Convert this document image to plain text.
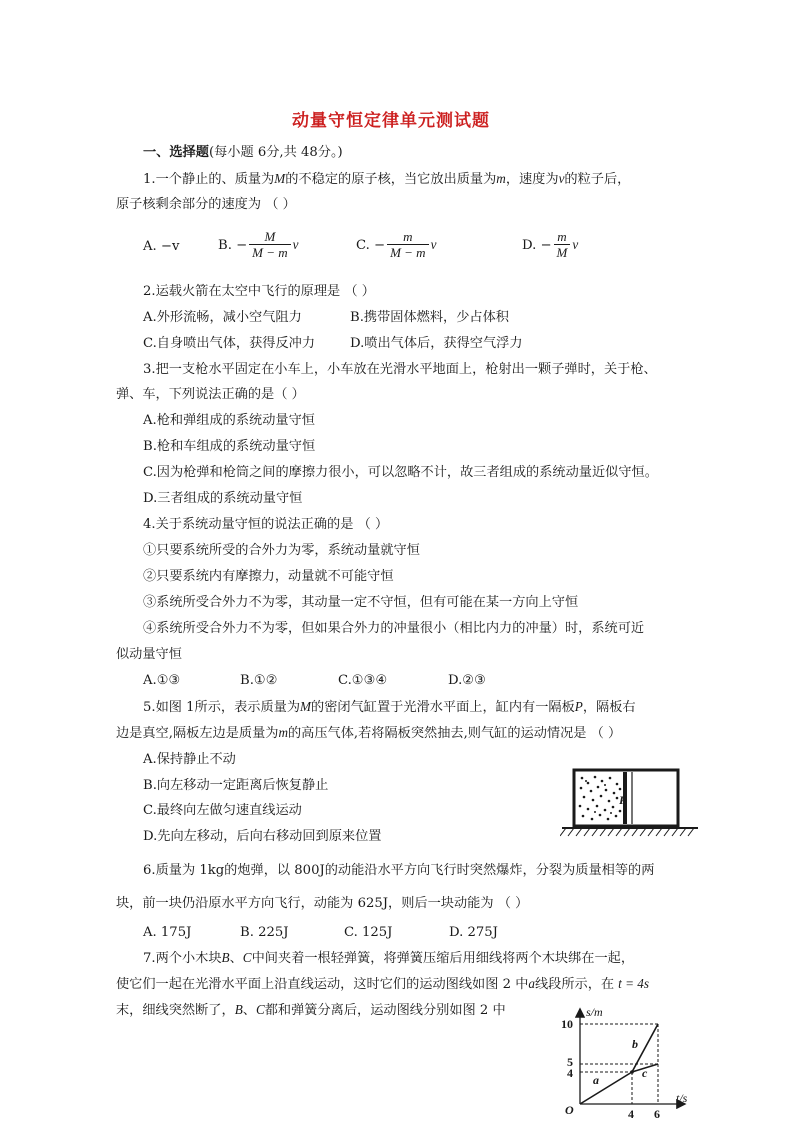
动量守恒定律单元测试题
一、选择题(每小题 6分,共 48分。)
1.一个静止的、质量为M的不稳定的原子核，当它放出质量为m，速度为v的粒子后，
原子核剩余部分的速度为 （ ）
A. −v	B. − $\frac{M}{M - m}$ v	C. − $\frac{m}{M - m}$ v	D. − $\frac{m}{M}$ v
2.运载火箭在太空中飞行的原理是 （ ）
A.外形流畅，减小空气阻力	B.携带固体燃料，少占体积
C.自身喷出气体，获得反冲力	D.喷出气体后，获得空气浮力
3.把一支枪水平固定在小车上，小车放在光滑水平地面上，枪射出一颗子弹时，关于枪、
弹、车，下列说法正确的是（ ）
A.枪和弹组成的系统动量守恒
B.枪和车组成的系统动量守恒
C.因为枪弹和枪筒之间的摩擦力很小，可以忽略不计，故三者组成的系统动量近似守恒。
D.三者组成的系统动量守恒
4.关于系统动量守恒的说法正确的是 （ ）
①只要系统所受的合外力为零，系统动量就守恒
②只要系统内有摩擦力，动量就不可能守恒
③系统所受合外力不为零，其动量一定不守恒，但有可能在某一方向上守恒
④系统所受合外力不为零，但如果合外力的冲量很小（相比内力的冲量）时，系统可近
似动量守恒
A.①③	B.①②	C.①③④	D.②③
5.如图 1所示，表示质量为M的密闭气缸置于光滑水平面上，缸内有一隔板P，隔板右
边是真空,隔板左边是质量为m的高压气体,若将隔板突然抽去,则气缸的运动情况是 （ ）
A.保持静止不动
B.向左移动一定距离后恢复静止
C.最终向左做匀速直线运动
D.先向左移动，后向右移动回到原来位置
P
6.质量为 1kg的炮弹，以 800J的动能沿水平方向飞行时突然爆炸，分裂为质量相等的两
块，前一块仍沿原水平方向飞行，动能为 625J，则后一块动能为 （ ）
A. 175J	B. 225J	C. 125J	D. 275J
7.两个小木块B、C中间夹着一根轻弹簧，将弹簧压缩后用细线将两个木块绑在一起，
使它们一起在光滑水平面上沿直线运动，这时它们的运动图线如图 2 中a线段所示，在 t = 4s
末，细线突然断了，B、C都和弹簧分离后，运动图线分别如图 2 中	s/m
t/s
O
a
b
c
10
5
4
4 6
